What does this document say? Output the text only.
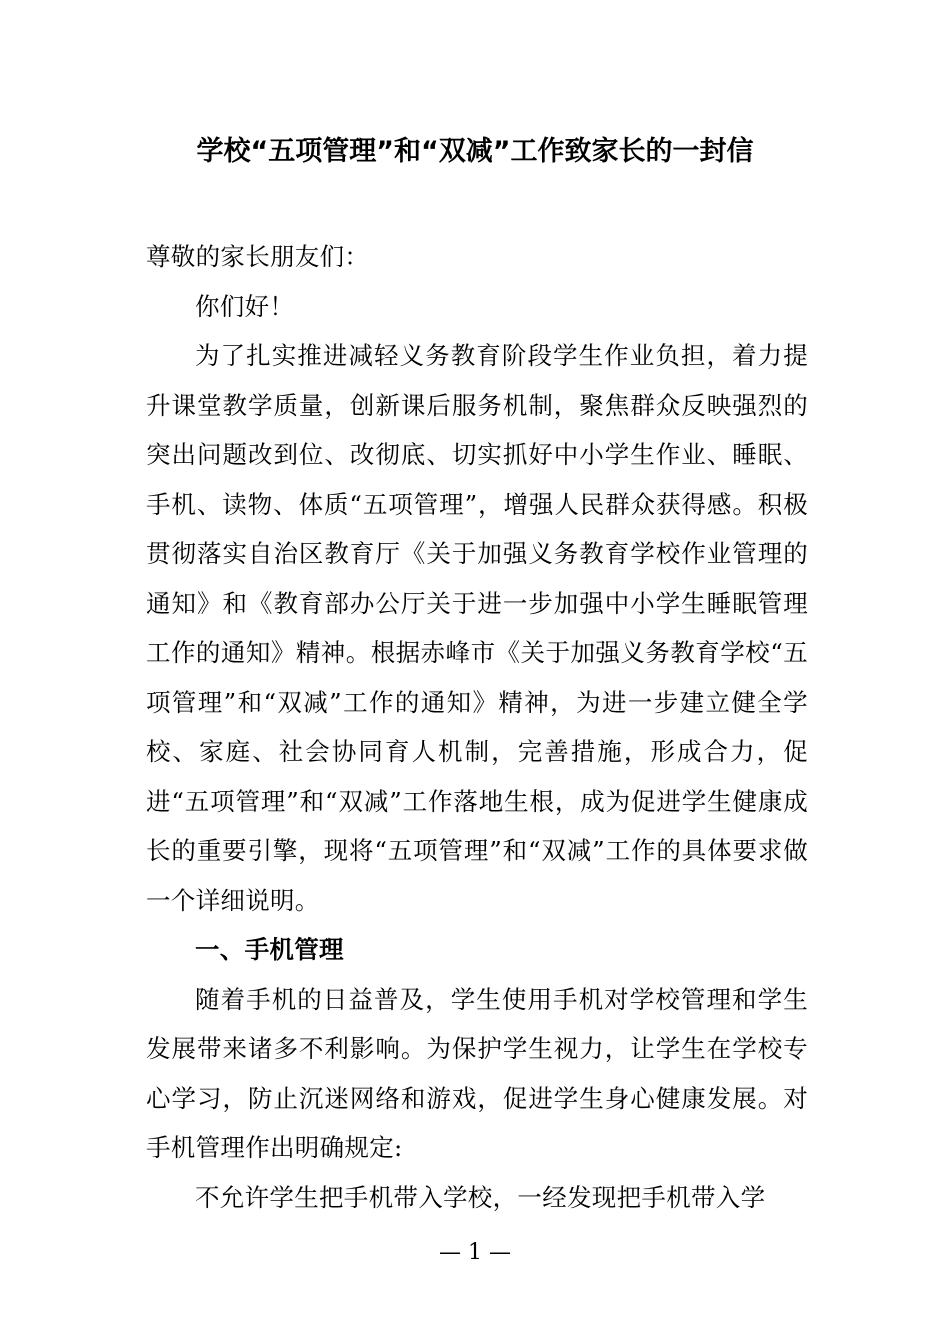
学校“五项管理”和“双减”工作致家长的一封信

尊敬的家长朋友们：

你们好！

为了扎实推进减轻义务教育阶段学生作业负担，着力提升课堂教学质量，创新课后服务机制，聚焦群众反映强烈的突出问题改到位、改彻底、切实抓好中小学生作业、睡眠、手机、读物、体质“五项管理”，增强人民群众获得感。积极贯彻落实自治区教育厅《关于加强义务教育学校作业管理的通知》和《教育部办公厅关于进一步加强中小学生睡眠管理工作的通知》精神。根据赤峰市《关于加强义务教育学校“五项管理”和“双减”工作的通知》精神，为进一步建立健全学校、家庭、社会协同育人机制，完善措施，形成合力，促进“五项管理”和“双减”工作落地生根，成为促进学生健康成长的重要引擎，现将“五项管理”和“双减”工作的具体要求做一个详细说明。

一、手机管理

随着手机的日益普及，学生使用手机对学校管理和学生发展带来诸多不利影响。为保护学生视力，让学生在学校专心学习，防止沉迷网络和游戏，促进学生身心健康发展。对手机管理作出明确规定:

不允许学生把手机带入学校，一经发现把手机带入学

— 1 —
